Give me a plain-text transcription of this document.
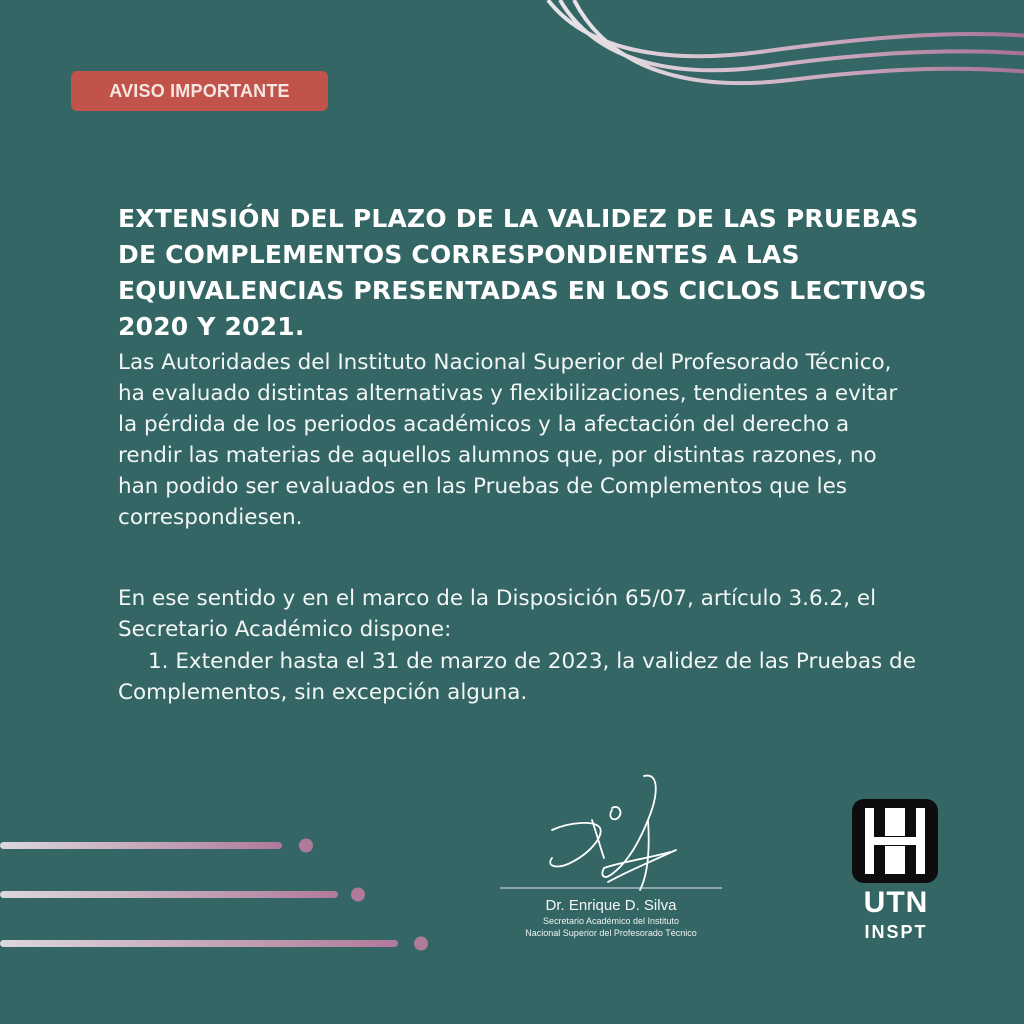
AVISO IMPORTANTE
EXTENSIÓN DEL PLAZO DE LA VALIDEZ DE LAS PRUEBAS DE COMPLEMENTOS CORRESPONDIENTES A LAS EQUIVALENCIAS PRESENTADAS EN LOS CICLOS LECTIVOS 2020 Y 2021.

Las Autoridades del Instituto Nacional Superior del Profesorado Técnico, ha evaluado distintas alternativas y flexibilizaciones, tendientes a evitar la pérdida de los periodos académicos y la afectación del derecho a rendir las materias de aquellos alumnos que, por distintas razones, no han podido ser evaluados en las Pruebas de Complementos que les correspondiesen.

En ese sentido y en el marco de la Disposición 65/07, artículo 3.6.2, el Secretario Académico dispone:

1. Extender hasta el 31 de marzo de 2023, la validez de las Pruebas de Complementos, sin excepción alguna.

Dr. Enrique D. Silva
Secretario Académico del Instituto
Nacional Superior del Profesorado Técnico
UTN
INSPT
